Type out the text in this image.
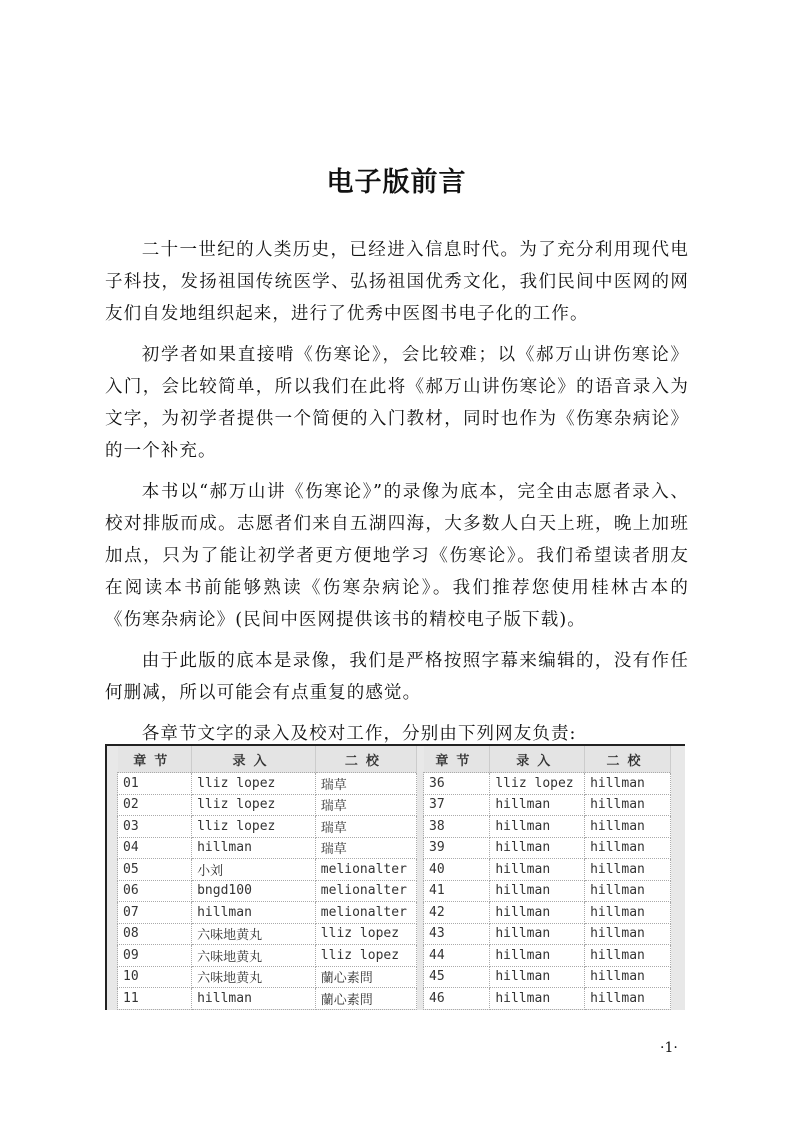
电子版前言

二十一世纪的人类历史，已经进入信息时代。为了充分利用现代电子科技，发扬祖国传统医学、弘扬祖国优秀文化，我们民间中医网的网友们自发地组织起来，进行了优秀中医图书电子化的工作。

初学者如果直接啃《伤寒论》，会比较难；以《郝万山讲伤寒论》入门，会比较简单，所以我们在此将《郝万山讲伤寒论》的语音录入为文字，为初学者提供一个简便的入门教材，同时也作为《伤寒杂病论》的一个补充。

本书以“郝万山讲《伤寒论》”的录像为底本，完全由志愿者录入、校对排版而成。志愿者们来自五湖四海，大多数人白天上班，晚上加班加点，只为了能让初学者更方便地学习《伤寒论》。我们希望读者朋友在阅读本书前能够熟读《伤寒杂病论》。我们推荐您使用桂林古本的《伤寒杂病论》(民间中医网提供该书的精校电子版下载)。

由于此版的底本是录像，我们是严格按照字幕来编辑的，没有作任何删减，所以可能会有点重复的感觉。

各章节文字的录入及校对工作，分别由下列网友负责:

章节	录入	二校
01	lliz lopez	瑞草
02	lliz lopez	瑞草
03	lliz lopez	瑞草
04	hillman	瑞草
05	小刘	melionalter
06	bngd100	melionalter
07	hillman	melionalter
08	六味地黄丸	lliz lopez
09	六味地黄丸	lliz lopez
10	六味地黄丸	蘭心素問
11	hillman	蘭心素問
章节	录入	二校
36	lliz lopez	hillman
37	hillman	hillman
38	hillman	hillman
39	hillman	hillman
40	hillman	hillman
41	hillman	hillman
42	hillman	hillman
43	hillman	hillman
44	hillman	hillman
45	hillman	hillman
46	hillman	hillman
·1·
